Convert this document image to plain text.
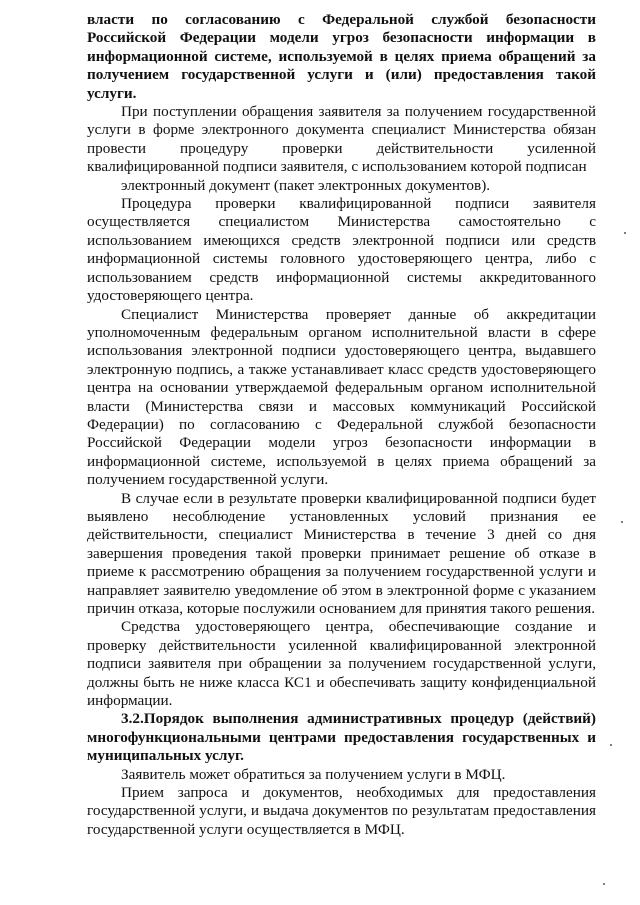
власти по согласованию с Федеральной службой безопасности Российской Федерации модели угроз безопасности информации в информационной системе, используемой в целях приема обращений за получением государственной услуги и (или) предоставления такой услуги.

При поступлении обращения заявителя за получением государственной услуги в форме электронного документа специалист Министерства обязан провести процедуру проверки действительности усиленной квалифицированной подписи заявителя, с использованием которой подписан

электронный документ (пакет электронных документов).

Процедура проверки квалифицированной подписи заявителя осуществляется специалистом Министерства самостоятельно с использованием имеющихся средств электронной подписи или средств информационной системы головного удостоверяющего центра, либо с использованием средств информационной системы аккредитованного удостоверяющего центра.

Специалист Министерства проверяет данные об аккредитации уполномоченным федеральным органом исполнительной власти в сфере использования электронной подписи удостоверяющего центра, выдавшего электронную подпись, а также устанавливает класс средств удостоверяющего центра на основании утверждаемой федеральным органом исполнительной власти (Министерства связи и массовых коммуникаций Российской Федерации) по согласованию с Федеральной службой безопасности Российской Федерации модели угроз безопасности информации в информационной системе, используемой в целях приема обращений за получением государственной услуги.

В случае если в результате проверки квалифицированной подписи будет выявлено несоблюдение установленных условий признания ее действительности, специалист Министерства в течение 3 дней со дня завершения проведения такой проверки принимает решение об отказе в приеме к рассмотрению обращения за получением государственной услуги и направляет заявителю уведомление об этом в электронной форме с указанием причин отказа, которые послужили основанием для принятия такого решения.

Средства удостоверяющего центра, обеспечивающие создание и проверку действительности усиленной квалифицированной электронной подписи заявителя при обращении за получением государственной услуги, должны быть не ниже класса КС1 и обеспечивать защиту конфиденциальной информации.

3.2.Порядок выполнения административных процедур (действий) многофункциональными центрами предоставления государственных и муниципальных услуг.

Заявитель может обратиться за получением услуги в МФЦ.

Прием запроса и документов, необходимых для предоставления государственной услуги, и выдача документов по результатам предоставления государственной услуги осуществляется в МФЦ.
